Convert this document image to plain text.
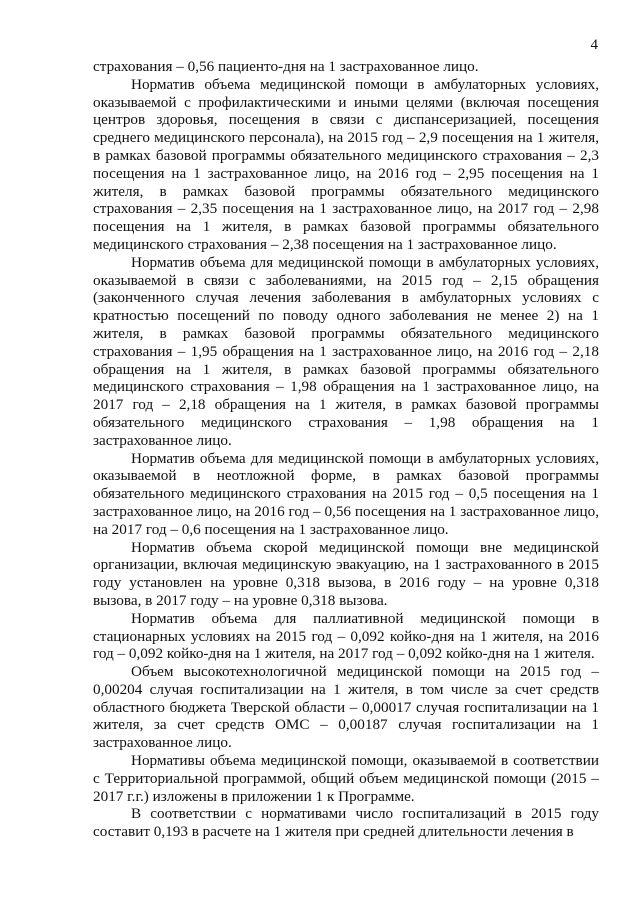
4

страхования – 0,56 пациенто-дня на 1 застрахованное лицо.

Норматив объема медицинской помощи в амбулаторных условиях, оказываемой с профилактическими и иными целями (включая посещения центров здоровья, посещения в связи с диспансеризацией, посещения среднего медицинского персонала), на 2015 год – 2,9 посещения на 1 жителя, в рамках базовой программы обязательного медицинского страхования – 2,3 посещения на 1 застрахованное лицо, на 2016 год – 2,95 посещения на 1 жителя, в рамках базовой программы обязательного медицинского страхования – 2,35 посещения на 1 застрахованное лицо, на 2017 год – 2,98 посещения на 1 жителя, в рамках базовой программы обязательного медицинского страхования – 2,38 посещения на 1 застрахованное лицо.

Норматив объема для медицинской помощи в амбулаторных условиях, оказываемой в связи с заболеваниями, на 2015 год – 2,15 обращения (законченного случая лечения заболевания в амбулаторных условиях с кратностью посещений по поводу одного заболевания не менее 2) на 1 жителя, в рамках базовой программы обязательного медицинского страхования – 1,95 обращения на 1 застрахованное лицо, на 2016 год – 2,18 обращения на 1 жителя, в рамках базовой программы обязательного медицинского страхования – 1,98 обращения на 1 застрахованное лицо, на 2017 год – 2,18 обращения на 1 жителя, в рамках базовой программы обязательного медицинского страхования – 1,98 обращения на 1 застрахованное лицо.

Норматив объема для медицинской помощи в амбулаторных условиях, оказываемой в неотложной форме, в рамках базовой программы обязательного медицинского страхования на 2015 год – 0,5 посещения на 1 застрахованное лицо, на 2016 год – 0,56 посещения на 1 застрахованное лицо, на 2017 год – 0,6 посещения на 1 застрахованное лицо.

Норматив объема скорой медицинской помощи вне медицинской организации, включая медицинскую эвакуацию, на 1 застрахованного в 2015 году установлен на уровне 0,318 вызова, в 2016 году – на уровне 0,318 вызова, в 2017 году – на уровне 0,318 вызова.

Норматив объема для паллиативной медицинской помощи в стационарных условиях на 2015 год – 0,092 койко-дня на 1 жителя, на 2016 год – 0,092 койко-дня на 1 жителя, на 2017 год – 0,092 койко-дня на 1 жителя.

Объем высокотехнологичной медицинской помощи на 2015 год – 0,00204 случая госпитализации на 1 жителя, в том числе за счет средств областного бюджета Тверской области – 0,00017 случая госпитализации на 1 жителя, за счет средств ОМС – 0,00187 случая госпитализации на 1 застрахованное лицо.

Нормативы объема медицинской помощи, оказываемой в соответствии с Территориальной программой, общий объем медицинской помощи (2015 – 2017 г.г.) изложены в приложении 1 к Программе.

В соответствии с нормативами число госпитализаций в 2015 году составит 0,193 в расчете на 1 жителя при средней длительности лечения в
